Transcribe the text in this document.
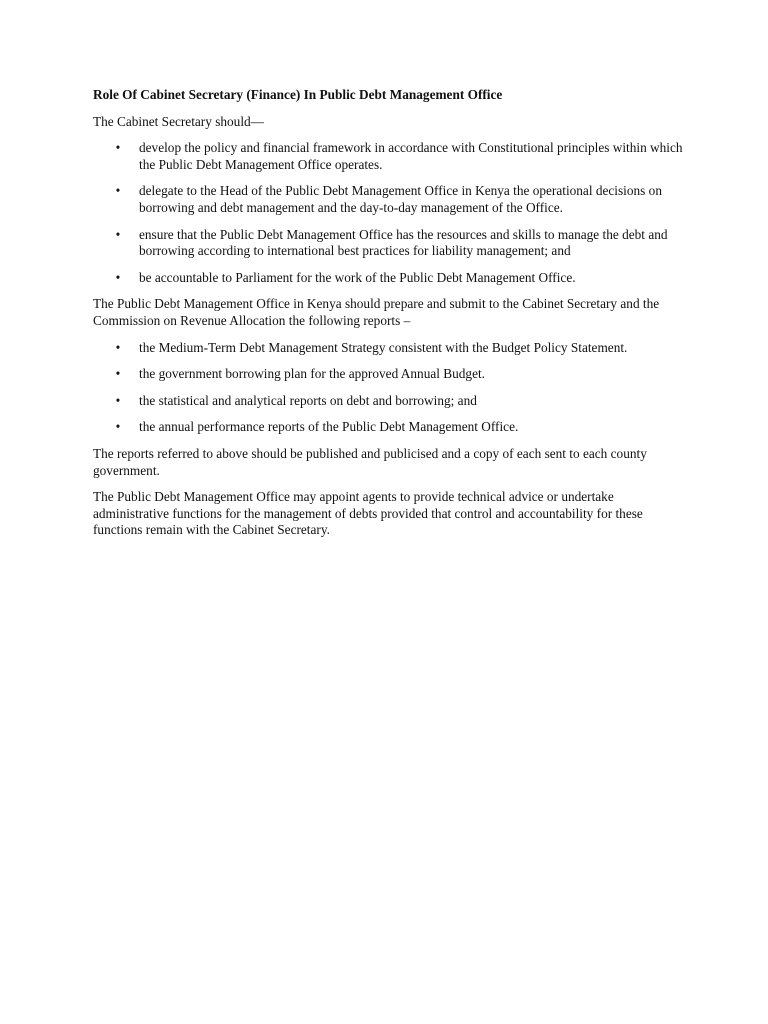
Role Of Cabinet Secretary (Finance) In Public Debt Management Office

The Cabinet Secretary should—

• develop the policy and financial framework in accordance with Constitutional principles within which the Public Debt Management Office operates.
• delegate to the Head of the Public Debt Management Office in Kenya the operational decisions on borrowing and debt management and the day-to-day management of the Office.
• ensure that the Public Debt Management Office has the resources and skills to manage the debt and borrowing according to international best practices for liability management; and
• be accountable to Parliament for the work of the Public Debt Management Office.

The Public Debt Management Office in Kenya should prepare and submit to the Cabinet Secretary and the Commission on Revenue Allocation the following reports –

• the Medium-Term Debt Management Strategy consistent with the Budget Policy Statement.
• the government borrowing plan for the approved Annual Budget.
• the statistical and analytical reports on debt and borrowing; and
• the annual performance reports of the Public Debt Management Office.

The reports referred to above should be published and publicised and a copy of each sent to each county government.

The Public Debt Management Office may appoint agents to provide technical advice or undertake administrative functions for the management of debts provided that control and accountability for these functions remain with the Cabinet Secretary.
